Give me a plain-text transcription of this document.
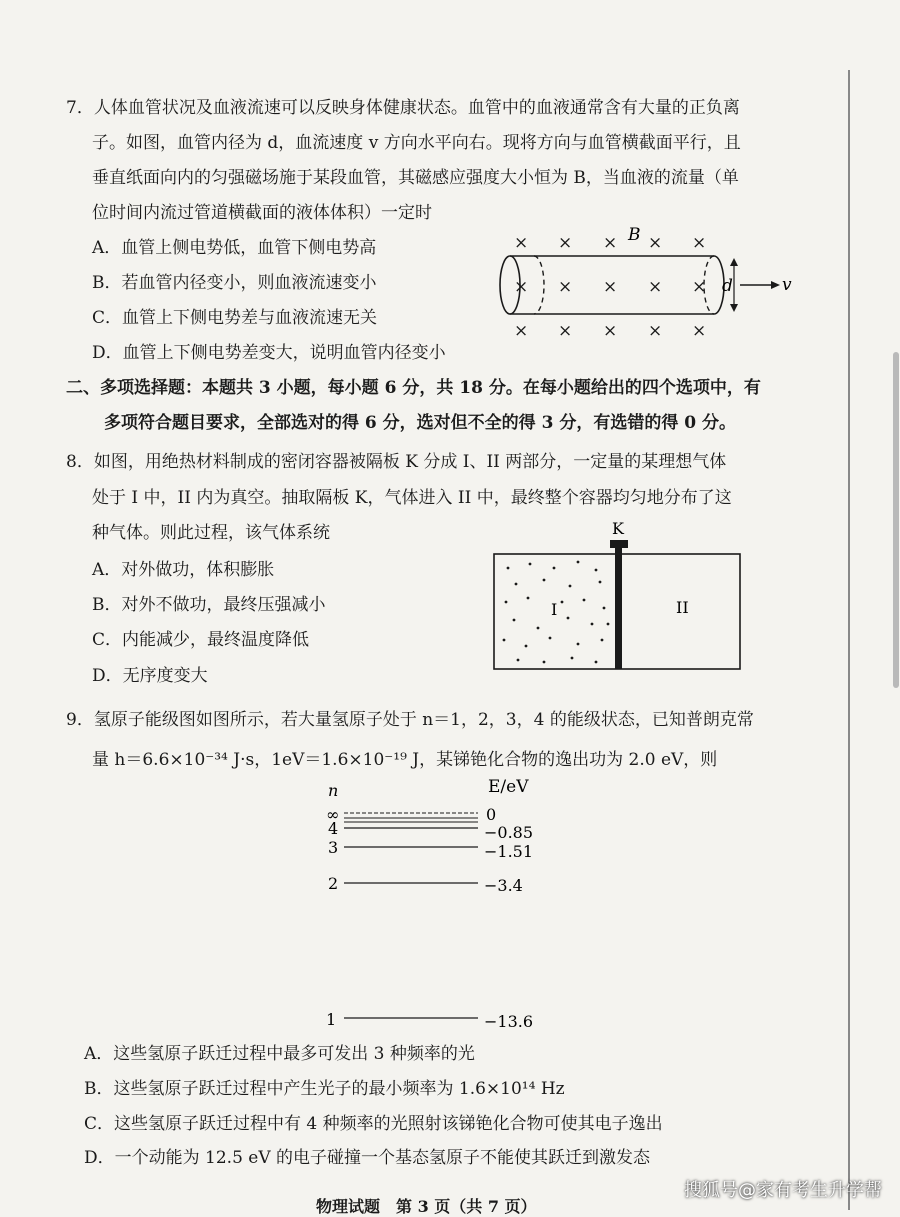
7．人体血管状况及血液流速可以反映身体健康状态。血管中的血液通常含有大量的正负离
子。如图，血管内径为 d，血流速度 v 方向水平向右。现将方向与血管横截面平行，且
垂直纸面向内的匀强磁场施于某段血管，其磁感应强度大小恒为 B，当血液的流量（单
位时间内流过管道横截面的液体体积）一定时
A．血管上侧电势低，血管下侧电势高
B．若血管内径变小，则血液流速变小
C．血管上下侧电势差与血液流速无关
D．血管上下侧电势差变大，说明血管内径变小
× × × × ×
× × × × ×
× × × × ×
B
d	v
二、多项选择题：本题共 3 小题，每小题 6 分，共 18 分。在每小题给出的四个选项中，有
多项符合题目要求，全部选对的得 6 分，选对但不全的得 3 分，有选错的得 0 分。
8．如图，用绝热材料制成的密闭容器被隔板 K 分成 I、II 两部分，一定量的某理想气体
处于 I 中，II 内为真空。抽取隔板 K，气体进入 II 中，最终整个容器均匀地分布了这
种气体。则此过程，该气体系统
A．对外做功，体积膨胀
B．对外不做功，最终压强减小
C．内能减少，最终温度降低
D．无序度变大
K
I	II
9．氢原子能级图如图所示，若大量氢原子处于 n＝1，2，3，4 的能级状态，已知普朗克常
量 h＝6.6×10⁻³⁴ J·s，1eV＝1.6×10⁻¹⁹ J，某锑铯化合物的逸出功为 2.0 eV，则
n	E/eV
∞
4
3
2
1
0
−0.85
−1.51
−3.4
−13.6
A．这些氢原子跃迁过程中最多可发出 3 种频率的光
B．这些氢原子跃迁过程中产生光子的最小频率为 1.6×10¹⁴ Hz
C．这些氢原子跃迁过程中有 4 种频率的光照射该锑铯化合物可使其电子逸出
D．一个动能为 12.5 eV 的电子碰撞一个基态氢原子不能使其跃迁到激发态
搜狐号@家有考生升学帮
物理试题　第 3 页（共 7 页）
